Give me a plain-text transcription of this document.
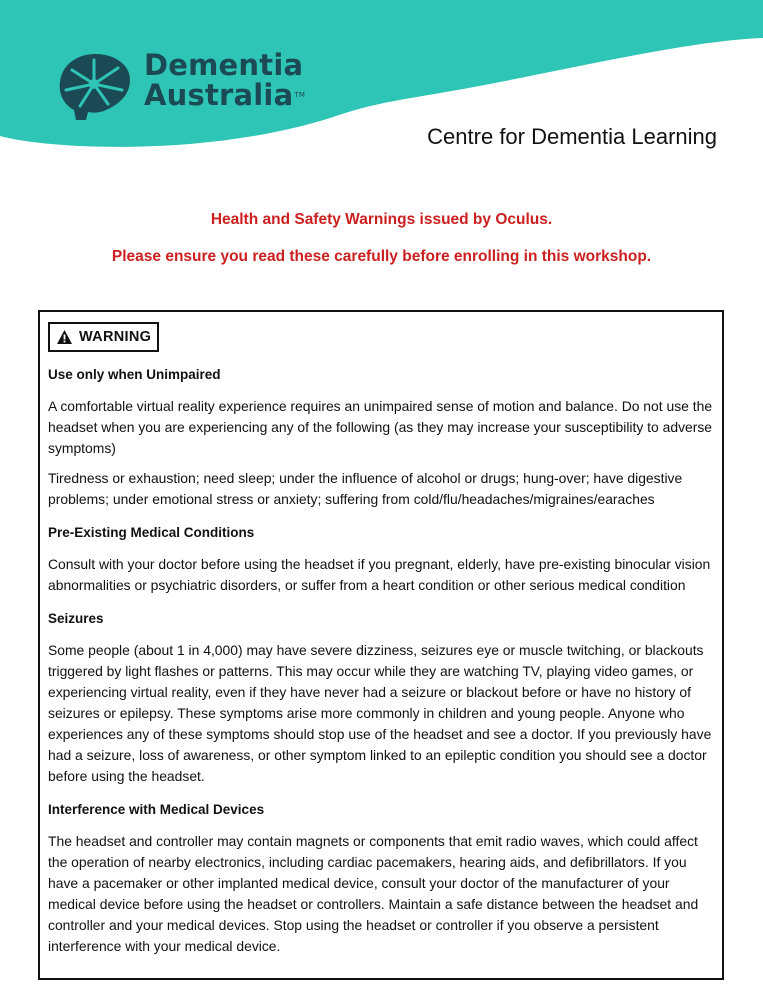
Dementia
Australia™
Centre for Dementia Learning
Health and Safety Warnings issued by Oculus.
Please ensure you read these carefully before enrolling in this workshop.
WARNING
Use only when Unimpaired

A comfortable virtual reality experience requires an unimpaired sense of motion and balance. Do not use the headset when you are experiencing any of the following (as they may increase your susceptibility to adverse symptoms)

Tiredness or exhaustion; need sleep; under the influence of alcohol or drugs; hung-over; have digestive problems; under emotional stress or anxiety; suffering from cold/flu/headaches/migraines/earaches

Pre-Existing Medical Conditions

Consult with your doctor before using the headset if you pregnant, elderly, have pre-existing binocular vision abnormalities or psychiatric disorders, or suffer from a heart condition or other serious medical condition

Seizures

Some people (about 1 in 4,000) may have severe dizziness, seizures eye or muscle twitching, or blackouts triggered by light flashes or patterns. This may occur while they are watching TV, playing video games, or experiencing virtual reality, even if they have never had a seizure or blackout before or have no history of seizures or epilepsy. These symptoms arise more commonly in children and young people. Anyone who experiences any of these symptoms should stop use of the headset and see a doctor. If you previously have had a seizure, loss of awareness, or other symptom linked to an epileptic condition you should see a doctor before using the headset.

Interference with Medical Devices

The headset and controller may contain magnets or components that emit radio waves, which could affect the operation of nearby electronics, including cardiac pacemakers, hearing aids, and defibrillators. If you have a pacemaker or other implanted medical device, consult your doctor of the manufacturer of your medical device before using the headset or controllers. Maintain a safe distance between the headset and controller and your medical devices. Stop using the headset or controller if you observe a persistent interference with your medical device.
